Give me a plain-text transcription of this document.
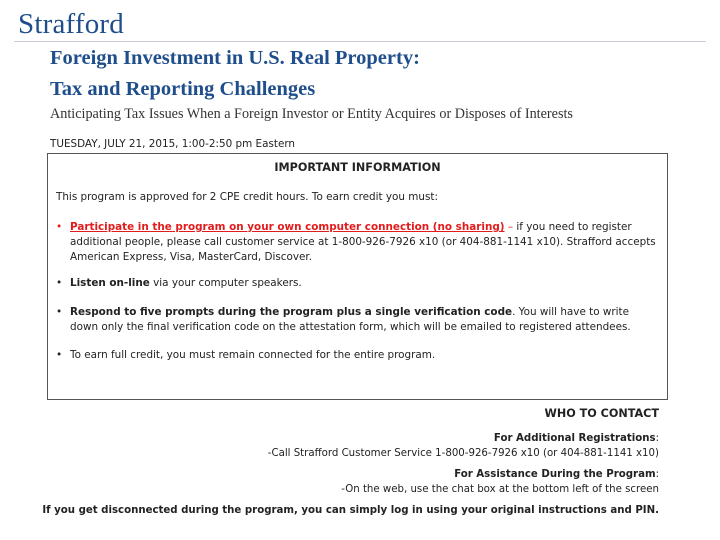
Strafford
Foreign Investment in U.S. Real Property:
Tax and Reporting Challenges
Anticipating Tax Issues When a Foreign Investor or Entity Acquires or Disposes of Interests
TUESDAY, JULY 21, 2015, 1:00-2:50 pm Eastern
IMPORTANT INFORMATION
This program is approved for 2 CPE credit hours. To earn credit you must:
• Participate in the program on your own computer connection (no sharing) – if you need to register additional people, please call customer service at 1-800-926-7926 x10 (or 404-881-1141 x10). Strafford accepts American Express, Visa, MasterCard, Discover.
• Listen on-line via your computer speakers.
• Respond to five prompts during the program plus a single verification code. You will have to write down only the final verification code on the attestation form, which will be emailed to registered attendees.
• To earn full credit, you must remain connected for the entire program.
WHO TO CONTACT
For Additional Registrations:
-Call Strafford Customer Service 1-800-926-7926 x10 (or 404-881-1141 x10)
For Assistance During the Program:
-On the web, use the chat box at the bottom left of the screen
If you get disconnected during the program, you can simply log in using your original instructions and PIN.
